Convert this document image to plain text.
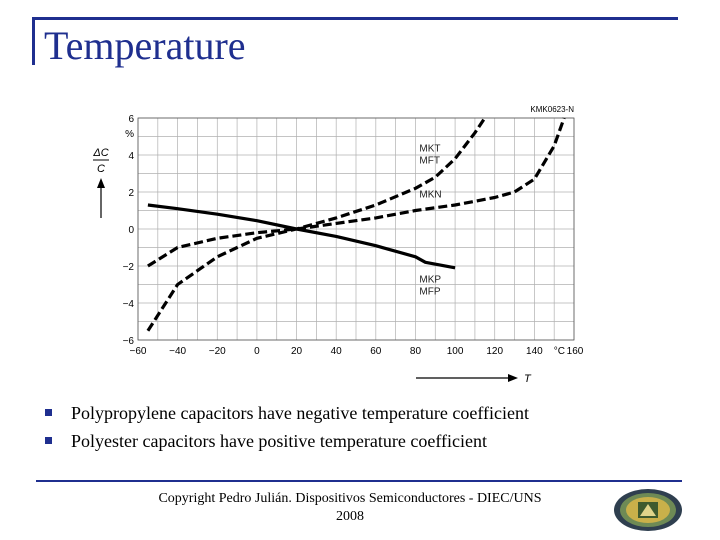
Temperature
−60 −40 −20	0	20	40	60	80	100 120 140 °C 160
−6
−4
−2
0
2
4
6
%
ΔC
C
T
KMK0623-N
MKT
MFT
MKN
MKP
MFP
Polypropylene capacitors have negative temperature coefficient
Polyester capacitors have positive temperature coefficient
Copyright Pedro Julián. Dispositivos Semiconductores - DIEC/UNS
2008
